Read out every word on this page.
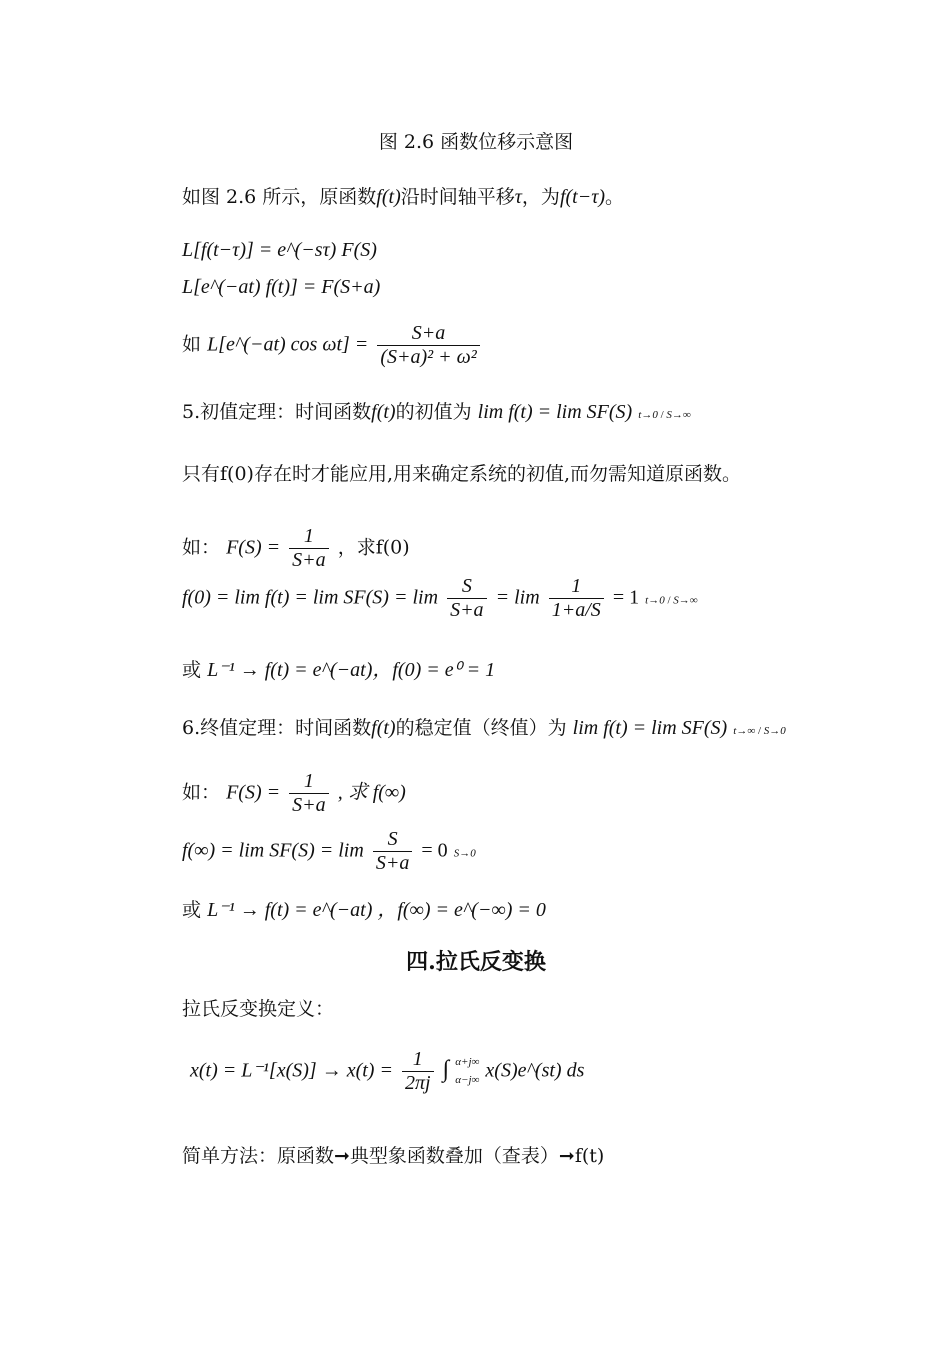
图 2.6 函数位移示意图
如图 2.6 所示，原函数f(t)沿时间轴平移τ，为f(t−τ)。
L[f(t−τ)] = e^(−sτ) F(S)
L[e^(−at) f(t)] = F(S+a)
如 L[e^(−at) $\cos \omega t] = \frac{S+a}{\text{(S+a)² + ω²}}$
5.初值定理：时间函数f(t)的初值为 lim f(t) = lim SF(S) t→0 / S→∞
只有f(0)存在时才能应用,用来确定系统的初值,而勿需知道原函数。
如： $F(S) = \frac{1}{S+a}$ ，求f(0)
$f(0) = \lim f(t) = \lim SF(S) = \lim \frac{S}{S+a} = \lim \frac{1}{1+a/S} = 1$ t→0 / S→∞
或 L⁻¹ → f(t) = e^(−at)，f(0) = e⁰ = 1
6.终值定理：时间函数f(t)的稳定值（终值）为 lim f(t) = lim SF(S) t→∞ / S→0
如： $F(S) = \frac{1}{S+a}$ , 求 f(∞)
$f(\infty) = \lim SF(S) = \lim \frac{S}{S+a} = 0$ S→0
或 L⁻¹ → f(t) = e^(−at) ，f(∞) = e^(−∞) = 0
四.拉氏反变换
拉氏反变换定义：
$x(t) = L^{-1}[x(S)] \to x(t) = \frac{1}{2\pi j}$ ∫ α+j∞
α−j∞ x(S)e^(st) ds
简单方法：原函数➞典型象函数叠加（查表）➞f(t)
